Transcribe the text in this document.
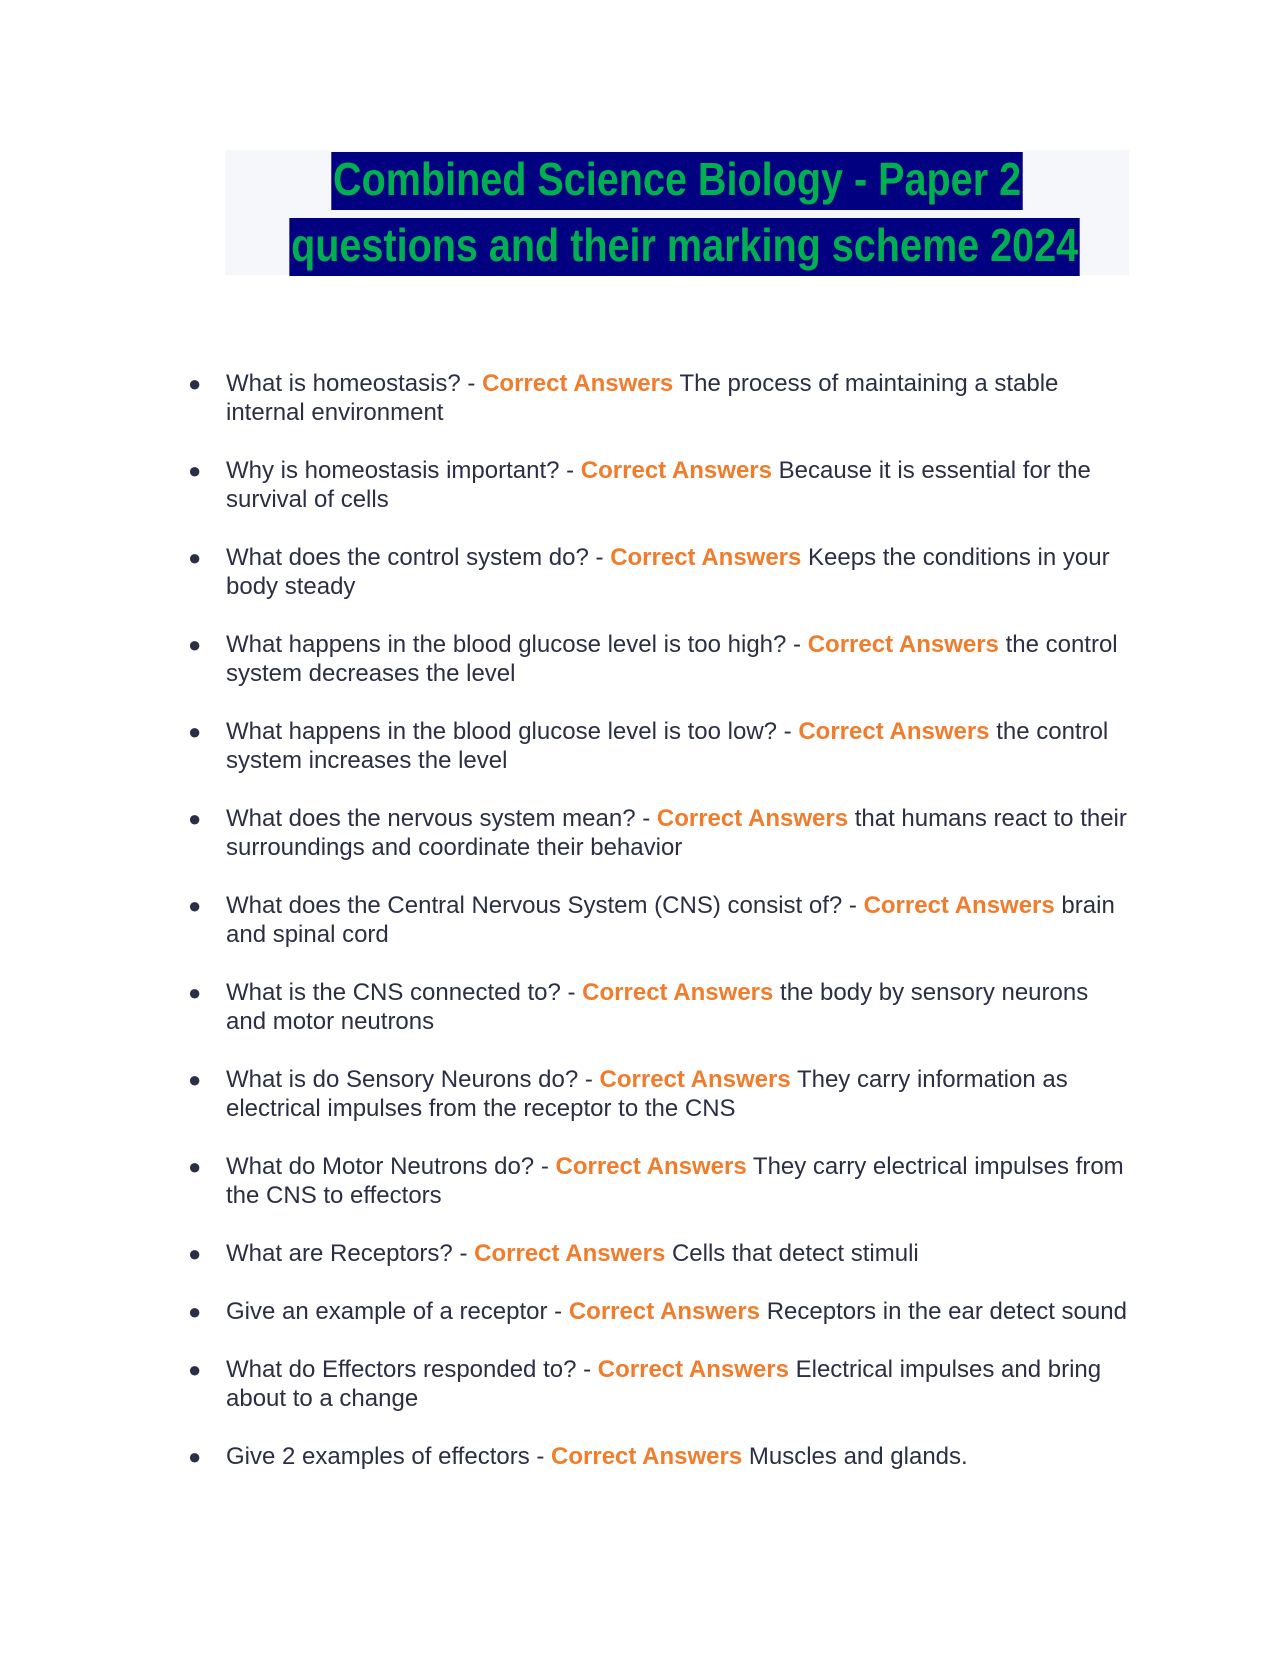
Combined Science Biology - Paper 2
questions and their marking scheme 2024
● What is homeostasis? - Correct Answers The process of maintaining a stable internal environment
● Why is homeostasis important? - Correct Answers Because it is essential for the survival of cells
● What does the control system do? - Correct Answers Keeps the conditions in your body steady
● What happens in the blood glucose level is too high? - Correct Answers the control system decreases the level
● What happens in the blood glucose level is too low? - Correct Answers the control system increases the level
● What does the nervous system mean? - Correct Answers that humans react to their surroundings and coordinate their behavior
● What does the Central Nervous System (CNS) consist of? - Correct Answers brain and spinal cord
● What is the CNS connected to? - Correct Answers the body by sensory neurons and motor neutrons
● What is do Sensory Neurons do? - Correct Answers They carry information as electrical impulses from the receptor to the CNS
● What do Motor Neutrons do? - Correct Answers They carry electrical impulses from the CNS to effectors
● What are Receptors? - Correct Answers Cells that detect stimuli
● Give an example of a receptor - Correct Answers Receptors in the ear detect sound
● What do Effectors responded to? - Correct Answers Electrical impulses and bring about to a change
● Give 2 examples of effectors - Correct Answers Muscles and glands.
